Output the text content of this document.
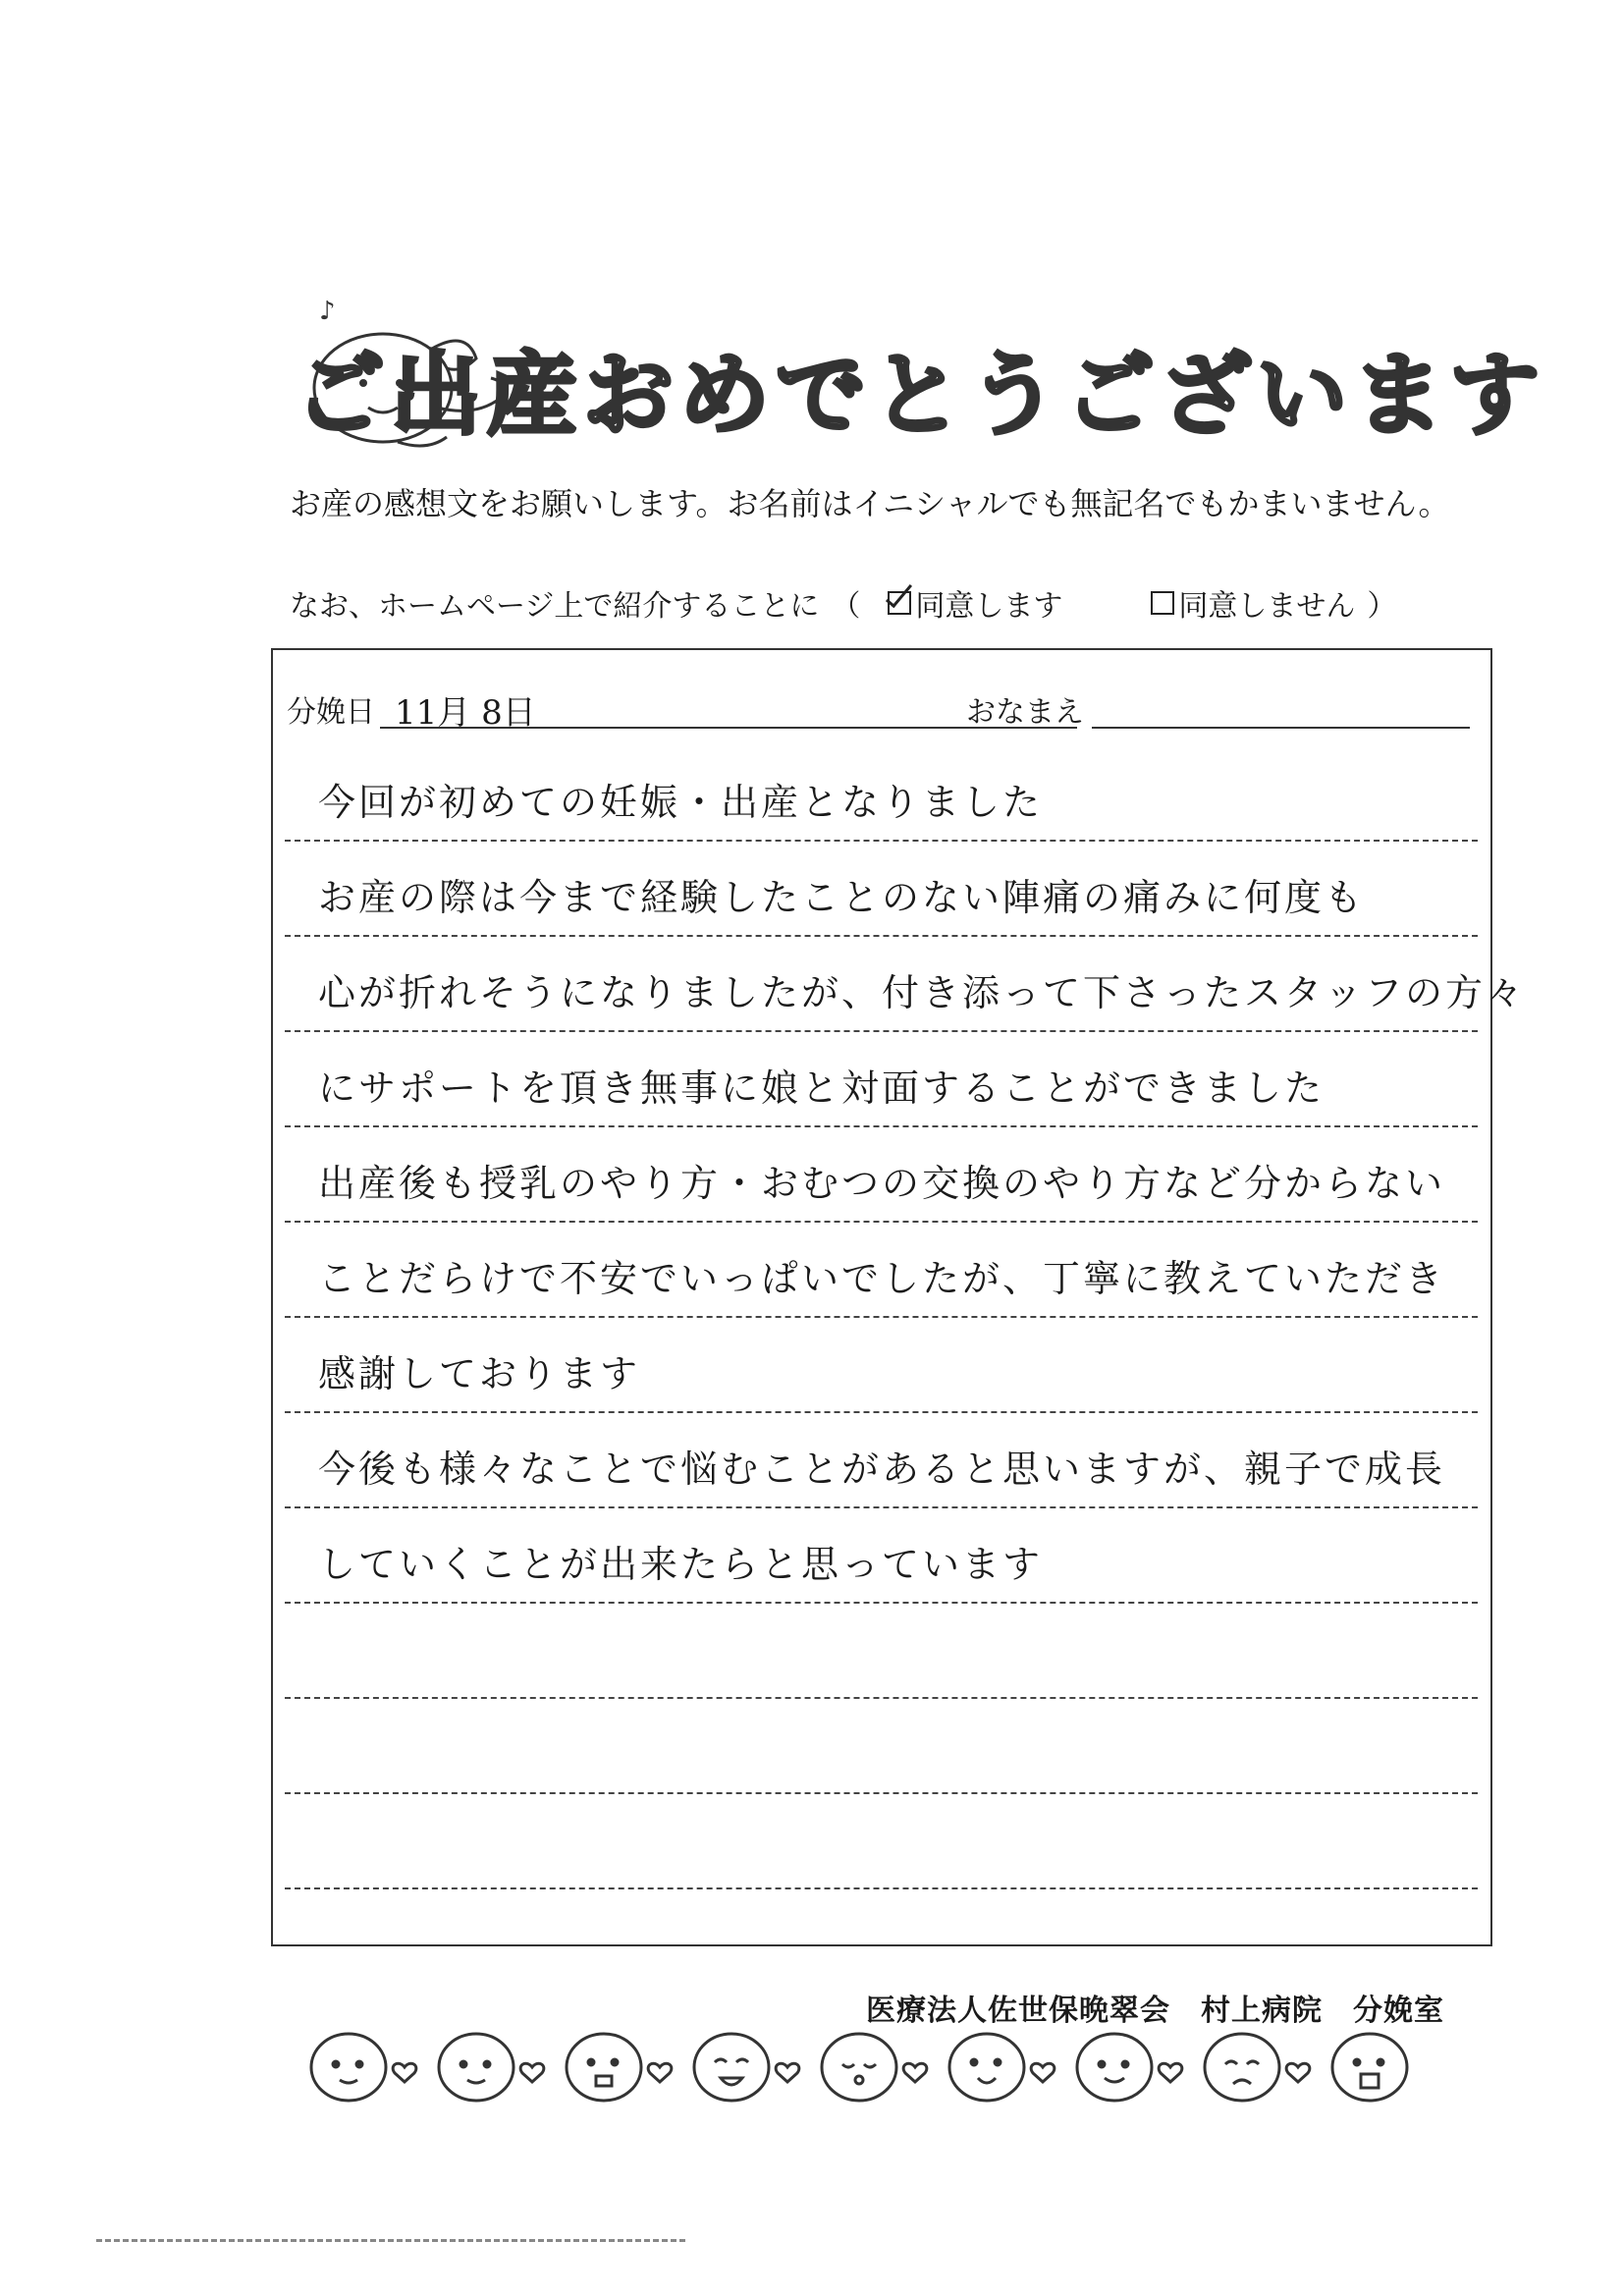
♪
ご出産おめでとうございます
お産の感想文をお願いします。お名前はイニシャルでも無記名でもかまいません。
なお、ホームページ上で紹介することに （ 同意します	同意しません ）
分娩日 11月 8日	おなまえ
今回が初めての妊娠・出産となりました
お産の際は今まで経験したことのない陣痛の痛みに何度も
心が折れそうになりましたが、付き添って下さったスタッフの方々
にサポートを頂き無事に娘と対面することができました
出産後も授乳のやり方・おむつの交換のやり方など分からない
ことだらけで不安でいっぱいでしたが、丁寧に教えていただき
感謝しております
今後も様々なことで悩むことがあると思いますが、親子で成長
していくことが出来たらと思っています
医療法人佐世保晩翠会　村上病院　分娩室
